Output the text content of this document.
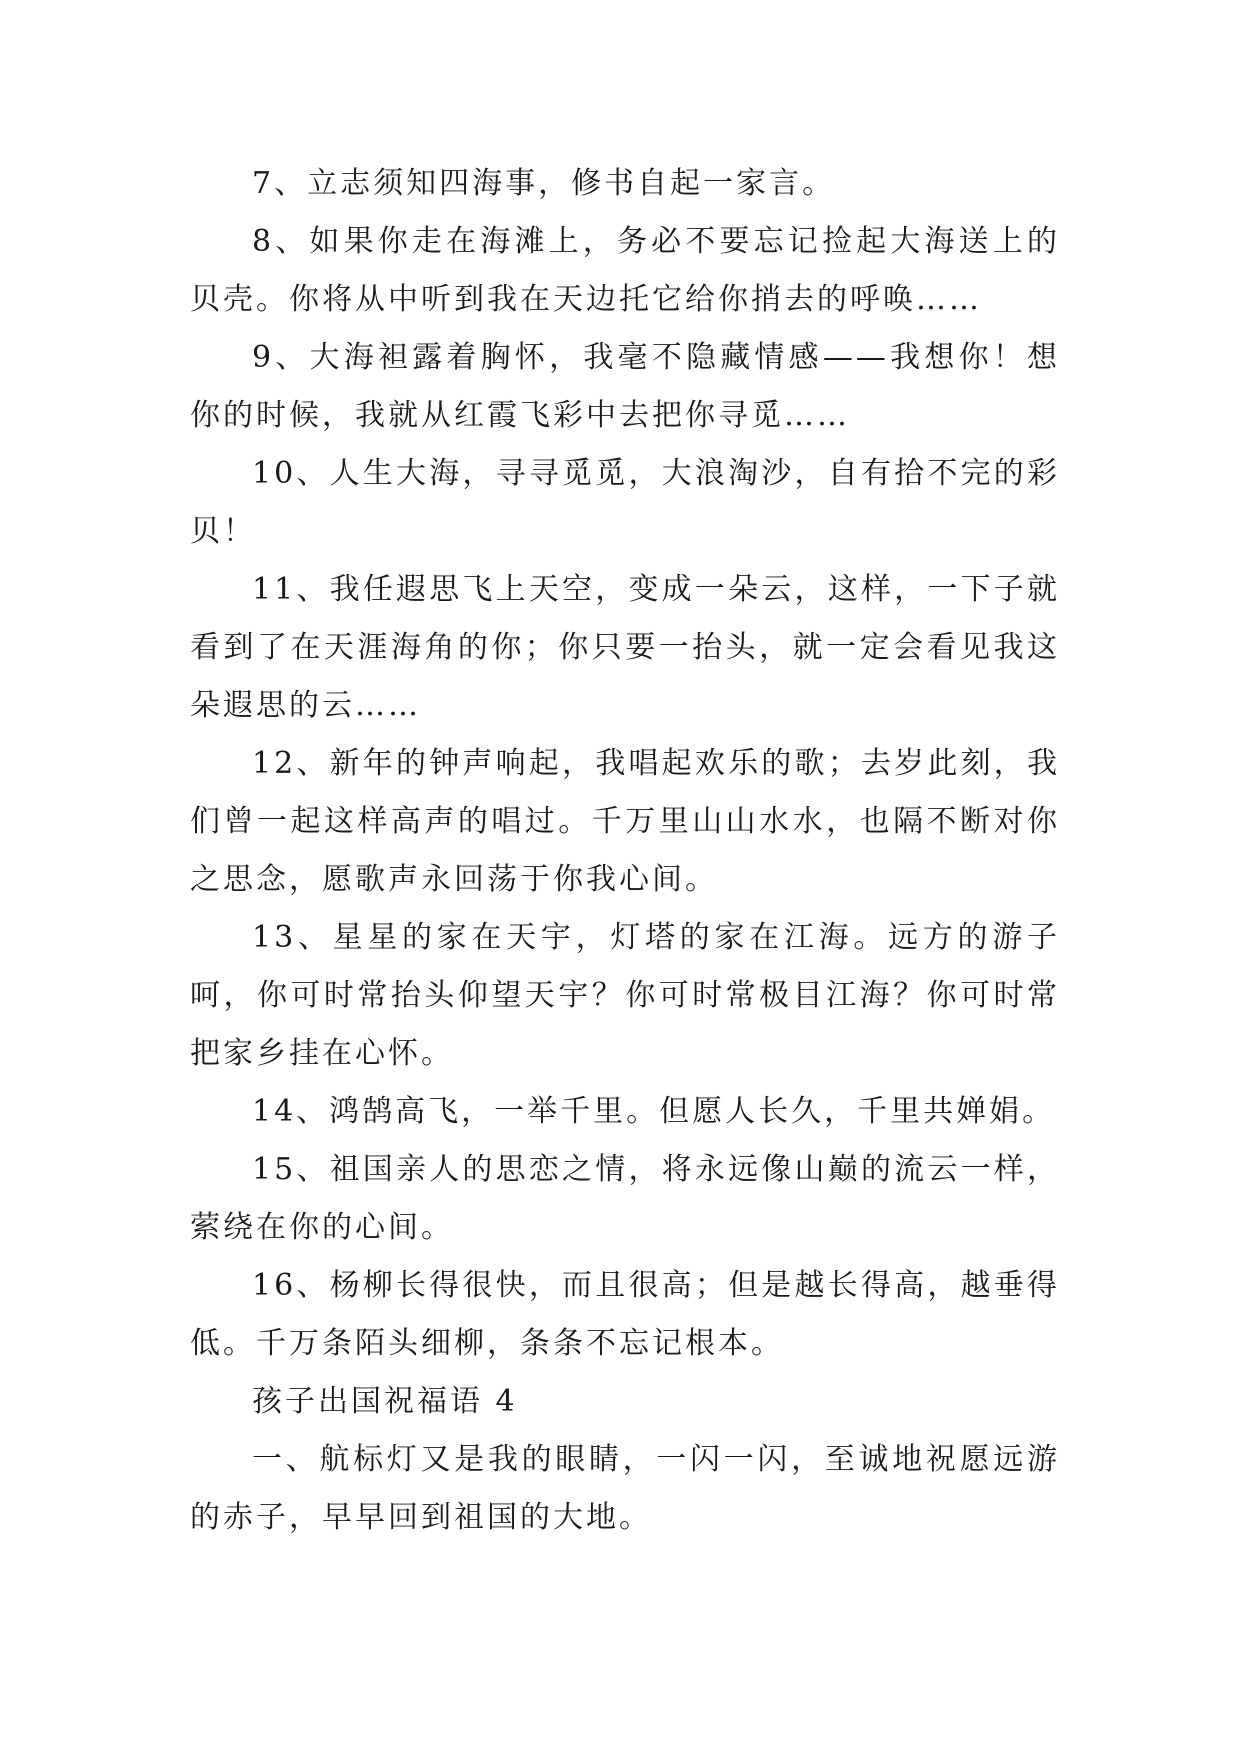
7、立志须知四海事，修书自起一家言。

8、如果你走在海滩上，务必不要忘记捡起大海送上的贝壳。你将从中听到我在天边托它给你捎去的呼唤……

9、大海袒露着胸怀，我毫不隐藏情感——我想你！想你的时候，我就从红霞飞彩中去把你寻觅……

10、人生大海，寻寻觅觅，大浪淘沙，自有拾不完的彩贝！

11、我任遐思飞上天空，变成一朵云，这样，一下子就看到了在天涯海角的你；你只要一抬头，就一定会看见我这朵遐思的云……

12、新年的钟声响起，我唱起欢乐的歌；去岁此刻，我们曾一起这样高声的唱过。千万里山山水水，也隔不断对你之思念，愿歌声永回荡于你我心间。

13、星星的家在天宇，灯塔的家在江海。远方的游子呵，你可时常抬头仰望天宇？你可时常极目江海？你可时常把家乡挂在心怀。

14、鸿鹄高飞，一举千里。但愿人长久，千里共婵娟。

15、祖国亲人的思恋之情，将永远像山巅的流云一样，萦绕在你的心间。

16、杨柳长得很快，而且很高；但是越长得高，越垂得低。千万条陌头细柳，条条不忘记根本。

孩子出国祝福语 4

一、航标灯又是我的眼睛，一闪一闪，至诚地祝愿远游的赤子，早早回到祖国的大地。
